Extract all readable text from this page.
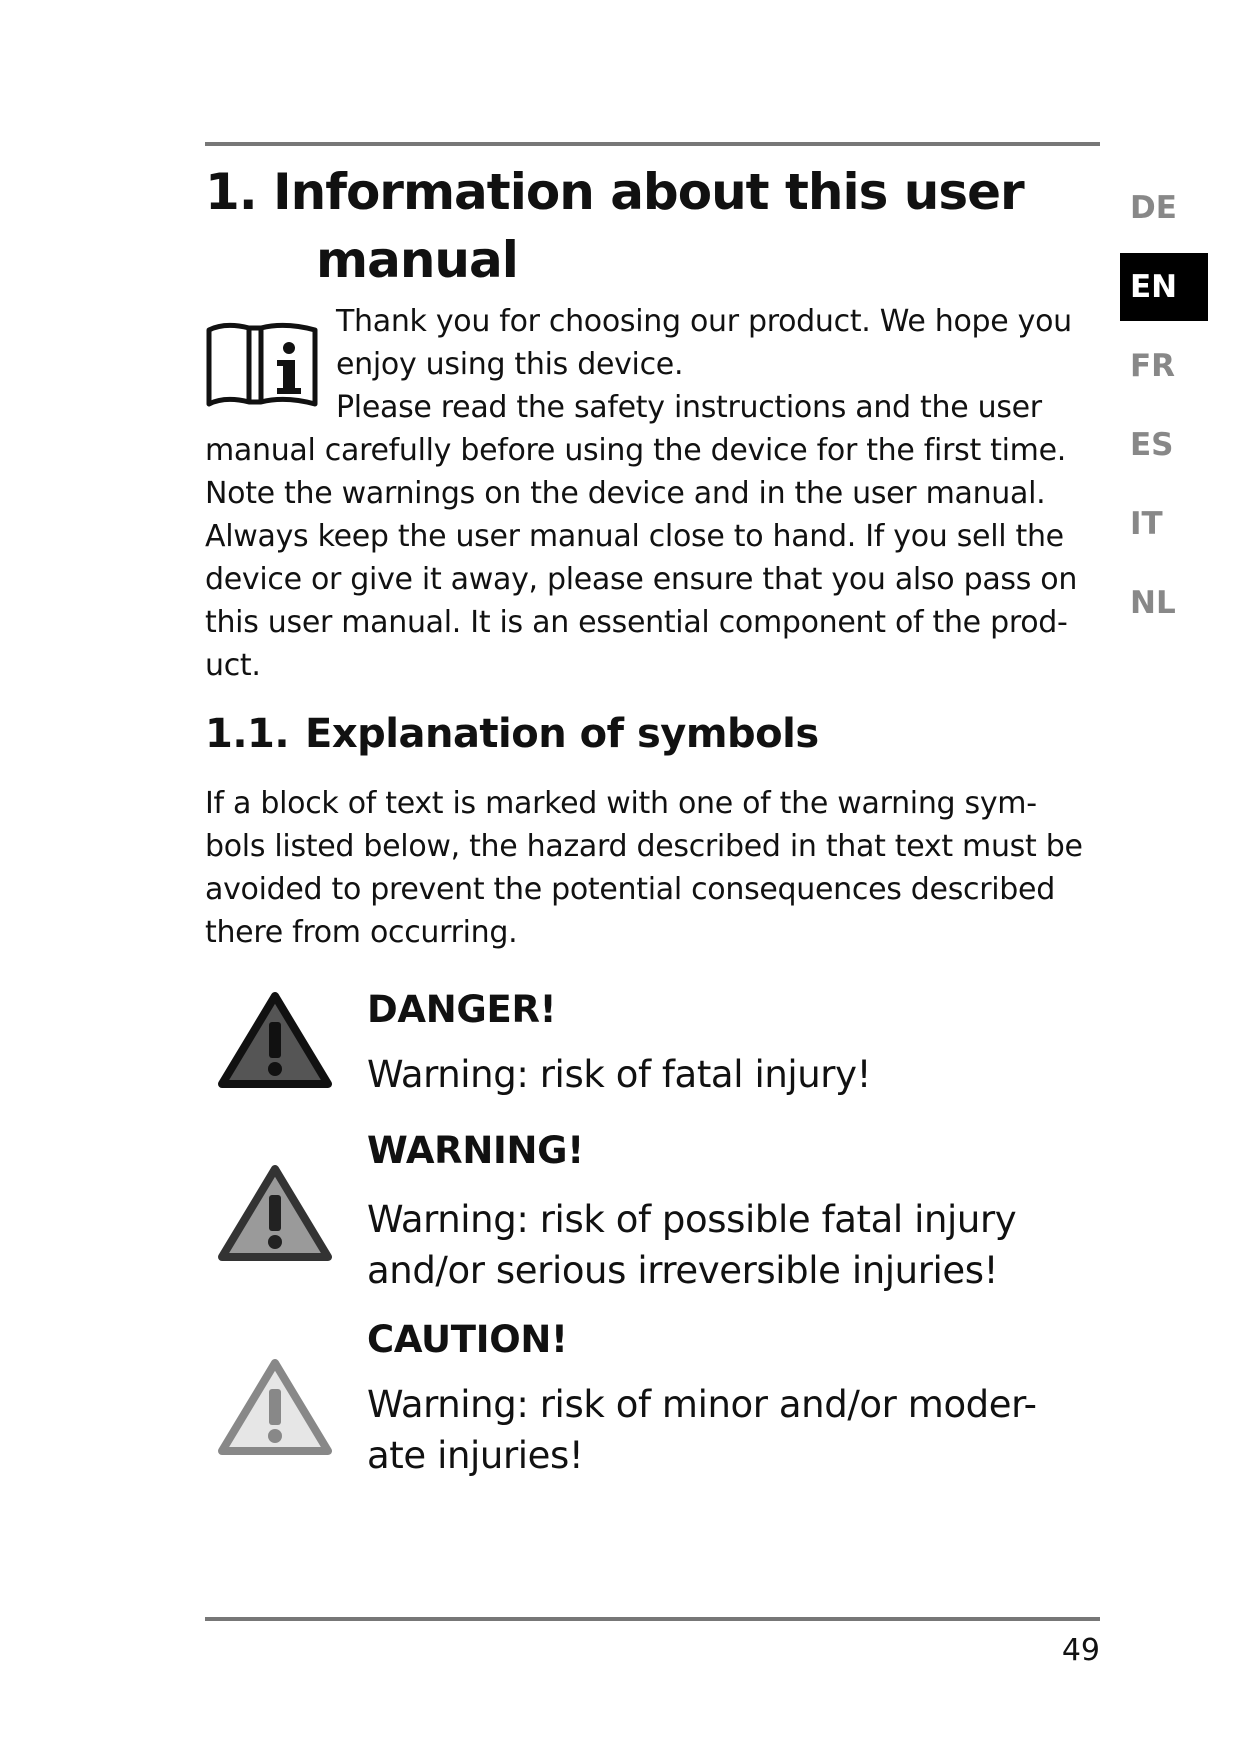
DE
EN
FR
ES
IT
NL
1. Information about this user
manual
Thank you for choosing our product. We hope you
enjoy using this device.
Please read the safety instructions and the user
manual carefully before using the device for the first time.
Note the warnings on the device and in the user manual.
Always keep the user manual close to hand. If you sell the
device or give it away, please ensure that you also pass on
this user manual. It is an essential component of the prod-
uct.
1.1. Explanation of symbols
If a block of text is marked with one of the warning sym-
bols listed below, the hazard described in that text must be
avoided to prevent the potential consequences described
there from occurring.
DANGER!
Warning: risk of fatal injury!
WARNING!
Warning: risk of possible fatal injury
and/or serious irreversible injuries!
CAUTION!
Warning: risk of minor and/or moder-
ate injuries!
49
